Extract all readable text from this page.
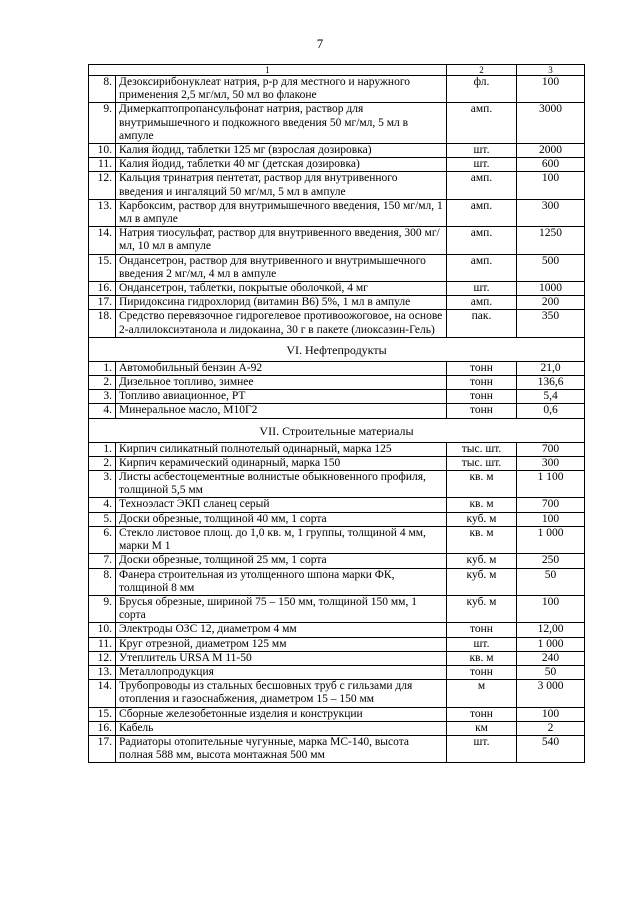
7
1		2	3
8.	Дезоксирибонуклеат натрия, р-р для местного и наружного применения 2,5 мг/мл, 50 мл во флаконе	фл.	100
9.	Димеркаптопропансульфонат натрия, раствор для внутримышечного и подкожного введения 50 мг/мл, 5 мл в ампуле	амп.	3000
10.	Калия йодид, таблетки 125 мг (взрослая дозировка)	шт.	2000
11.	Калия йодид, таблетки 40 мг (детская дозировка)	шт.	600
12.	Кальция тринатрия пентетат, раствор для внутривенного введения и ингаляций 50 мг/мл, 5 мл в ампуле	амп.	100
13.	Карбоксим, раствор для внутримышечного введения, 150 мг/мл, 1 мл в ампуле	амп.	300
14.	Натрия тиосульфат, раствор для внутривенного введения, 300 мг/мл, 10 мл в ампуле	амп.	1250
15.	Ондансетрон, раствор для внутривенного и внутримышечного введения 2 мг/мл, 4 мл в ампуле	амп.	500
16.	Ондансетрон, таблетки, покрытые оболочкой, 4 мг	шт.	1000
17.	Пиридоксина гидрохлорид (витамин В6) 5%, 1 мл в ампуле	амп.	200
18.	Средство перевязочное гидрогелевое противоожоговое, на основе 2-аллилоксиэтанола и лидокаина, 30 г в пакете (лиоксазин-Гель)	пак.	350
VI. Нефтепродукты			
1.	Автомобильный бензин А-92	тонн	21,0
2.	Дизельное топливо, зимнее	тонн	136,6
3.	Топливо авиационное, РТ	тонн	5,4
4.	Минеральное масло, М10Г2	тонн	0,6
VII. Строительные материалы			
1.	Кирпич силикатный полнотелый одинарный, марка 125	тыс. шт.	700
2.	Кирпич керамический одинарный, марка 150	тыс. шт.	300
3.	Листы асбестоцементные волнистые обыкновенного профиля, толщиной 5,5 мм	кв. м	1 100
4.	Техноэласт ЭКП сланец серый	кв. м	700
5.	Доски обрезные, толщиной 40 мм, 1 сорта	куб. м	100
6.	Стекло листовое площ. до 1,0 кв. м, 1 группы, толщиной 4 мм, марки М 1	кв. м	1 000
7.	Доски обрезные, толщиной 25 мм, 1 сорта	куб. м	250
8.	Фанера строительная из утолщенного шпона марки ФК, толщиной 8 мм	куб. м	50
9.	Брусья обрезные, шириной 75 – 150 мм, толщиной 150 мм, 1 сорта	куб. м	100
10.	Электроды ОЗС 12, диаметром 4 мм	тонн	12,00
11.	Круг отрезной, диаметром 125 мм	шт.	1 000
12.	Утеплитель URSA M 11-50	кв. м	240
13.	Металлопродукция	тонн	50
14.	Трубопроводы из стальных бесшовных труб с гильзами для отопления и газоснабжения, диаметром 15 – 150 мм	м	3 000
15.	Сборные железобетонные изделия и конструкции	тонн	100
16.	Кабель	км	2
17.	Радиаторы отопительные чугунные, марка МС-140, высота полная 588 мм, высота монтажная 500 мм	шт.	540
